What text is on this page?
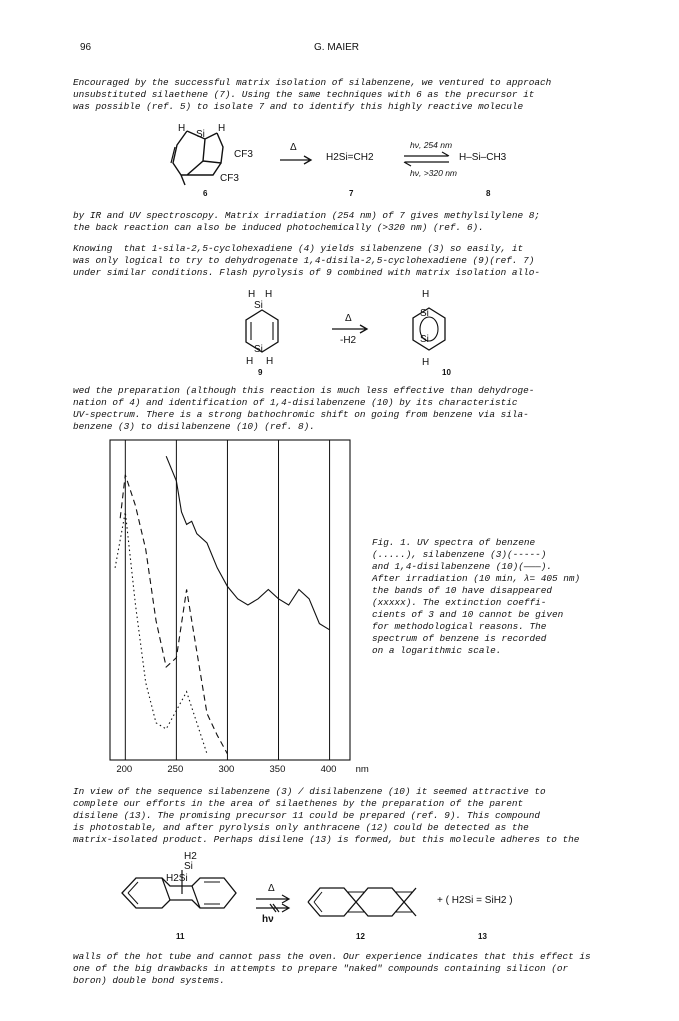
96	G. MAIER
Encouraged by the successful matrix isolation of silabenzene, we ventured to approach
unsubstituted silaethene (7). Using the same techniques with 6 as the precursor it
was possible (ref. 5) to isolate 7 and to identify this highly reactive molecule
H
Si
H
CF3
CF3
6
Δ
→ H2Si=CH2
7
hν, 254 nm
hν, >320 nm
H–Si–CH3
8
by IR and UV spectroscopy. Matrix irradiation (254 nm) of 7 gives methylsilylene 8;
the back reaction can also be induced photochemically (>320 nm) (ref. 6).
Knowing  that 1-sila-2,5-cyclohexadiene (4) yields silabenzene (3) so easily, it
was only logical to try to dehydrogenate 1,4-disila-2,5-cyclohexadiene (9)(ref. 7)
under similar conditions. Flash pyrolysis of 9 combined with matrix isolation allo-
H H
Si
Si
H H
9
Δ
-H2
H
Si
Si
H
10
wed the preparation (although this reaction is much less effective than dehydroge-
nation of 4) and identification of 1,4-disilabenzene (10) by its characteristic
UV-spectrum. There is a strong bathochromic shift on going from benzene via sila-
benzene (3) to disilabenzene (10) (ref. 8).
200	250	300	350	400 nm
Fig. 1. UV spectra of benzene
(.....), silabenzene (3)(-----)
and 1,4-disilabenzene (10)(———).
After irradiation (10 min, λ= 405 nm)
the bands of 10 have disappeared
(xxxxx). The extinction coeffi-
cients of 3 and 10 cannot be given
for methodological reasons. The
spectrum of benzene is recorded
on a logarithmic scale.
In view of the sequence silabenzene (3) / disilabenzene (10) it seemed attractive to
complete our efforts in the area of silaethenes by the preparation of the parent
disilene (13). The promising precursor 11 could be prepared (ref. 9). This compound
is photostable, and after pyrolysis only anthracene (12) could be detected as the
matrix-isolated product. Perhaps disilene (13) is formed, but this molecule adheres to the
H2
Si
H2Si
11
Δ
hν
12
+ ( H2Si = SiH2 )
13
walls of the hot tube and cannot pass the oven. Our experience indicates that this effect is
one of the big drawbacks in attempts to prepare "naked" compounds containing silicon (or
boron) double bond systems.
